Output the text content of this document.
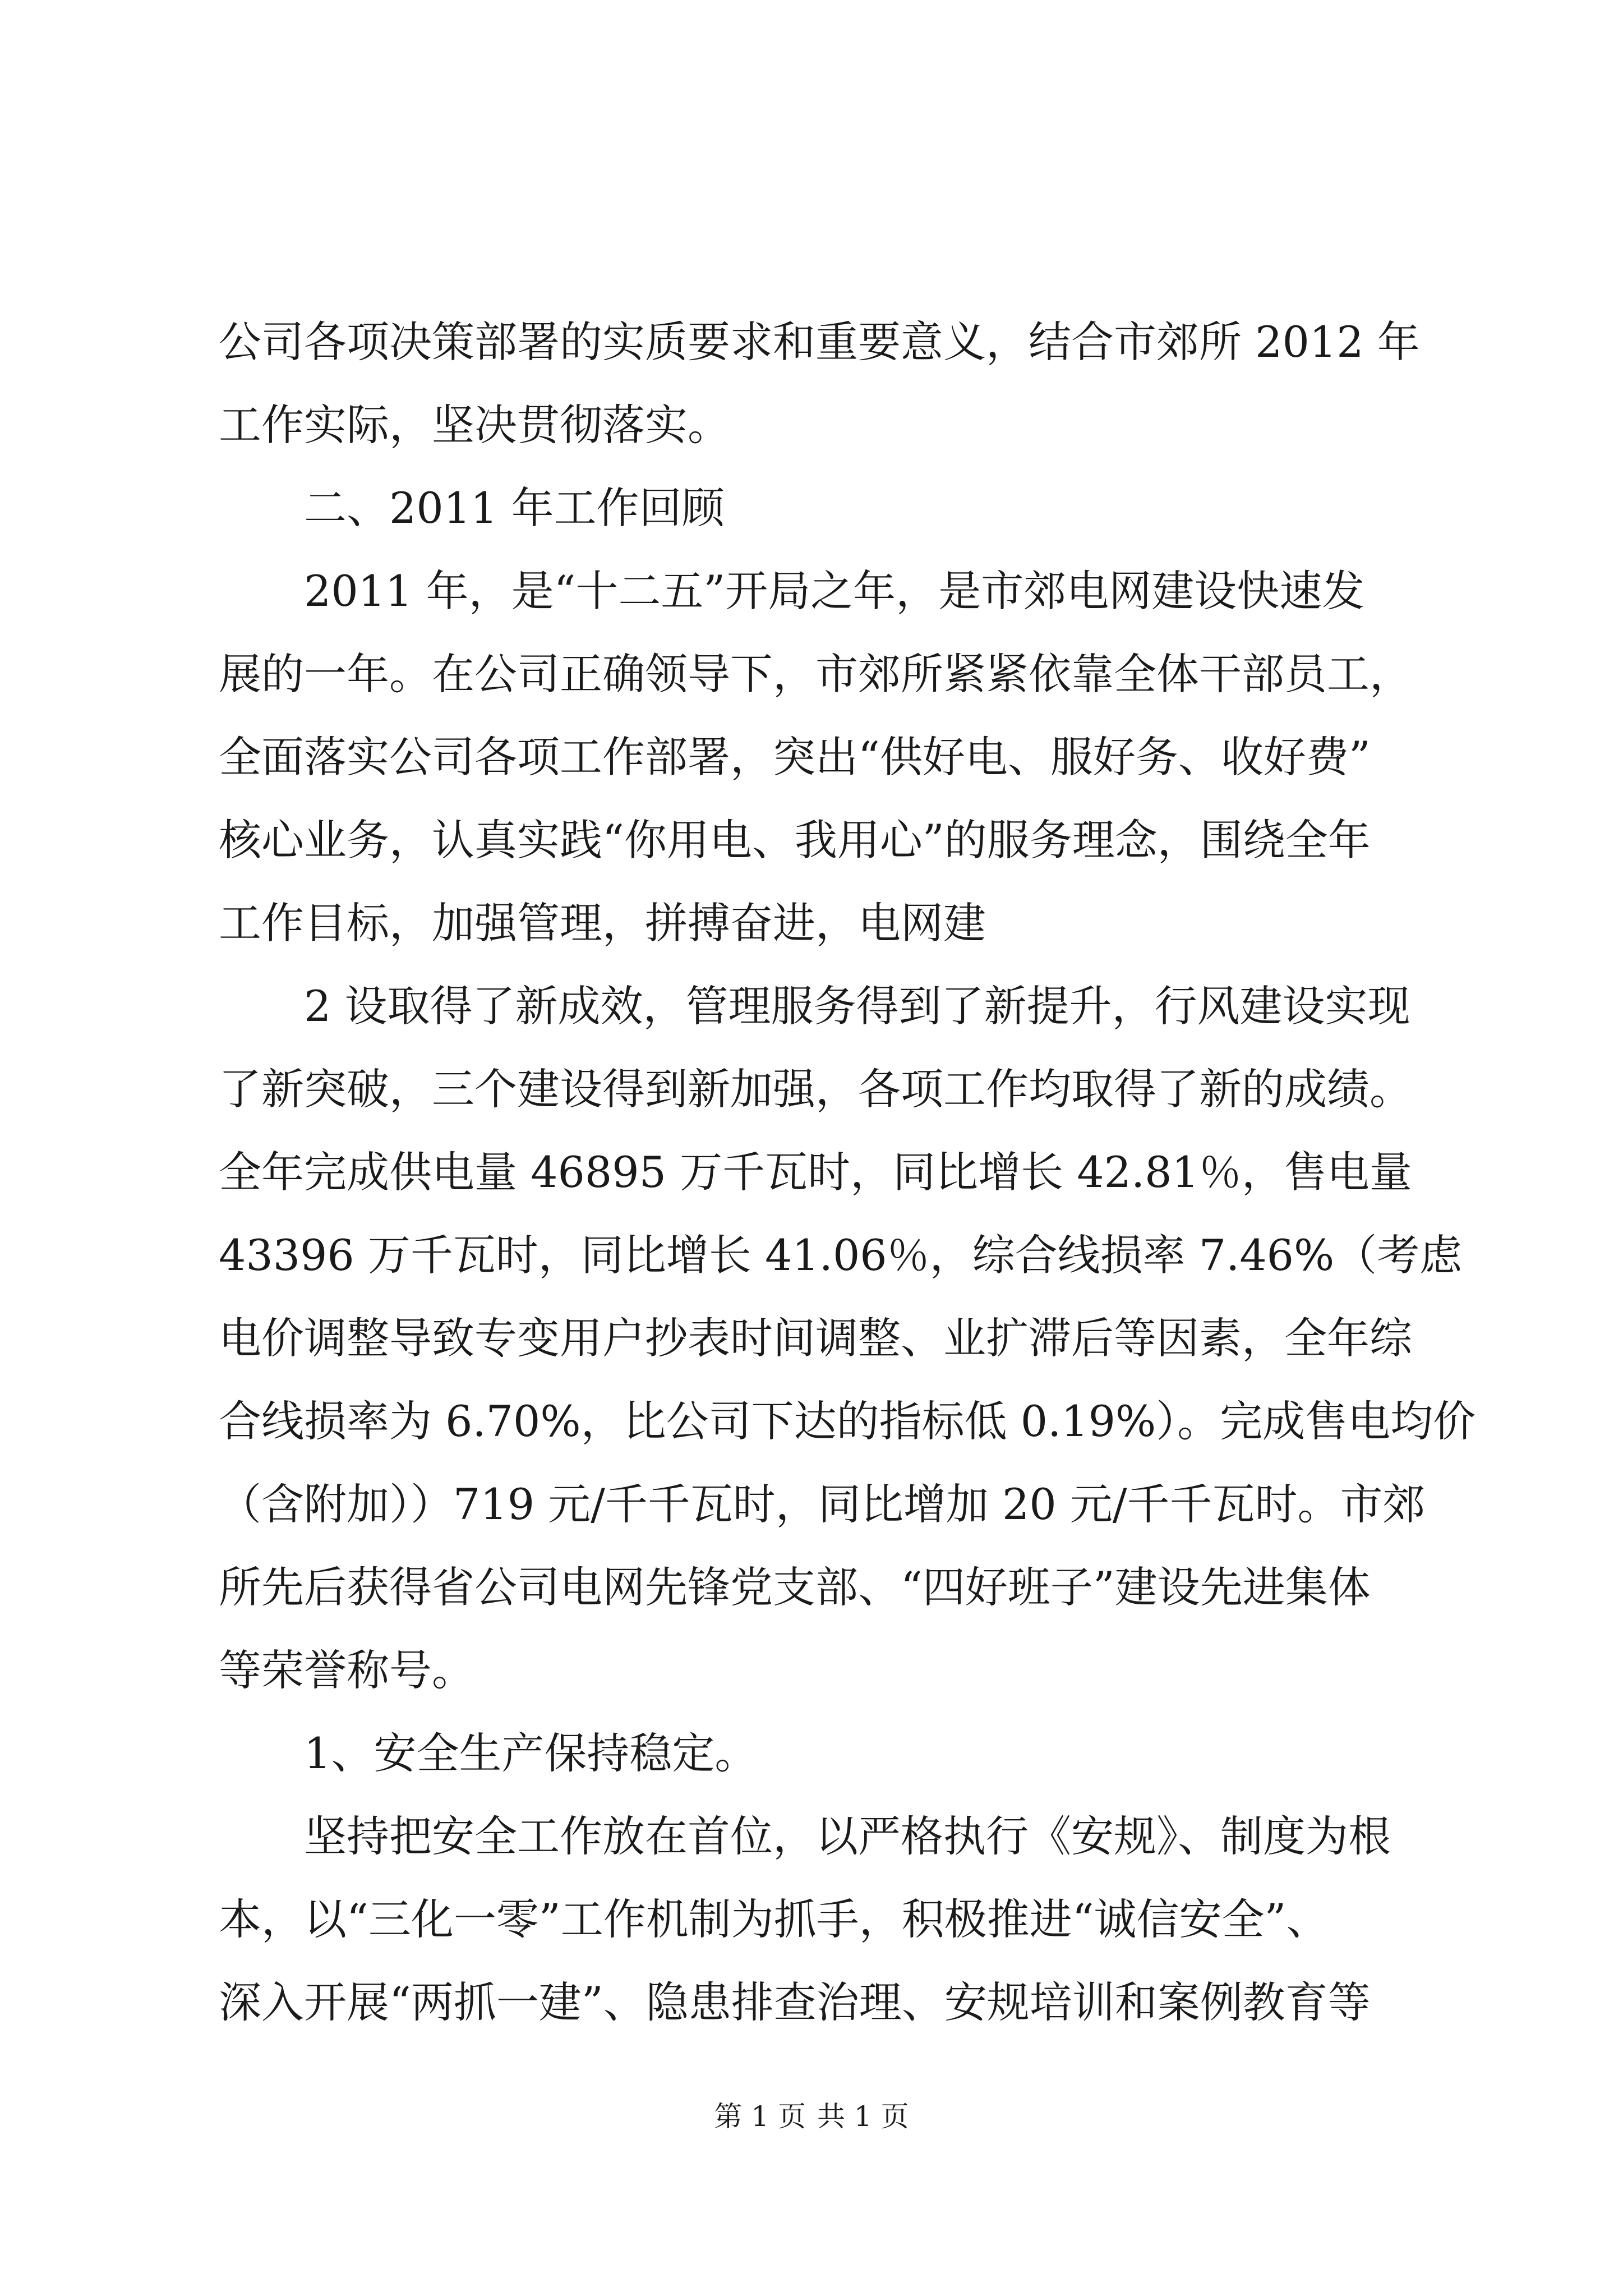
公司各项决策部署的实质要求和重要意义，结合市郊所 2012 年
工作实际，坚决贯彻落实。
二、2011 年工作回顾
2011 年，是“十二五”开局之年，是市郊电网建设快速发
展的一年。在公司正确领导下，市郊所紧紧依靠全体干部员工，
全面落实公司各项工作部署，突出“供好电、服好务、收好费”
核心业务，认真实践“你用电、我用心”的服务理念，围绕全年
工作目标，加强管理，拼搏奋进，电网建
2 设取得了新成效，管理服务得到了新提升，行风建设实现
了新突破，三个建设得到新加强，各项工作均取得了新的成绩。
全年完成供电量 46895 万千瓦时，同比增长 42.81％，售电量
43396 万千瓦时，同比增长 41.06％，综合线损率 7.46%（考虑
电价调整导致专变用户抄表时间调整、业扩滞后等因素，全年综
合线损率为 6.70%，比公司下达的指标低 0.19%）。完成售电均价
（含附加））719 元/千千瓦时，同比增加 20 元/千千瓦时。市郊
所先后获得省公司电网先锋党支部、“四好班子”建设先进集体
等荣誉称号。
1、安全生产保持稳定。
坚持把安全工作放在首位，以严格执行《安规》、制度为根
本，以“三化一零”工作机制为抓手，积极推进“诚信安全”、
深入开展“两抓一建”、隐患排查治理、安规培训和案例教育等
第 1 页 共 1 页
